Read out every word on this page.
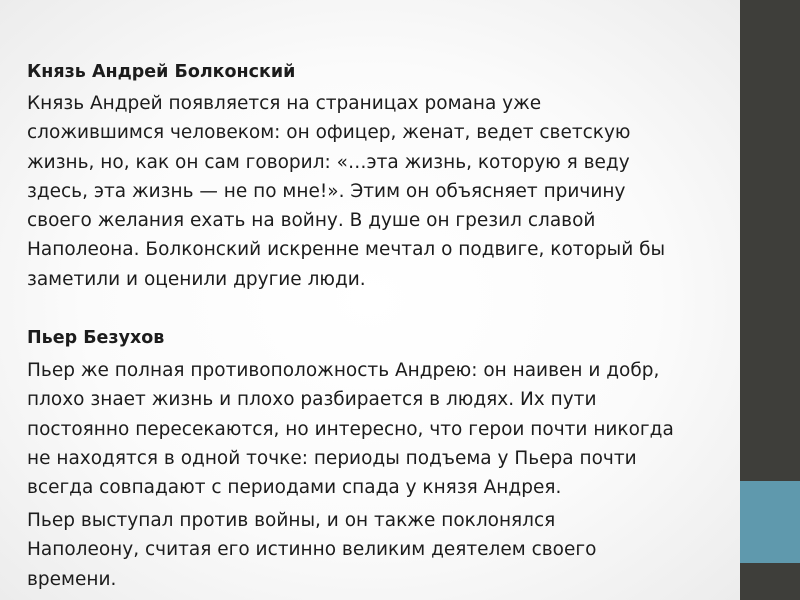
Князь Андрей Болконский

Князь Андрей появляется на страницах романа уже
сложившимся человеком: он офицер, женат, ведет светскую
жизнь, но, как он сам говорил: «…эта жизнь, которую я веду
здесь, эта жизнь — не по мне!». Этим он объясняет причину
своего желания ехать на войну. В душе он грезил славой
Наполеона. Болконский искренне мечтал о подвиге, который бы
заметили и оценили другие люди.

Пьер Безухов

Пьер же полная противоположность Андрею: он наивен и добр,
плохо знает жизнь и плохо разбирается в людях. Их пути
постоянно пересекаются, но интересно, что герои почти никогда
не находятся в одной точке: периоды подъема у Пьера почти
всегда совпадают с периодами спада у князя Андрея.

Пьер выступал против войны, и он также поклонялся
Наполеону, считая его истинно великим деятелем своего
времени.
